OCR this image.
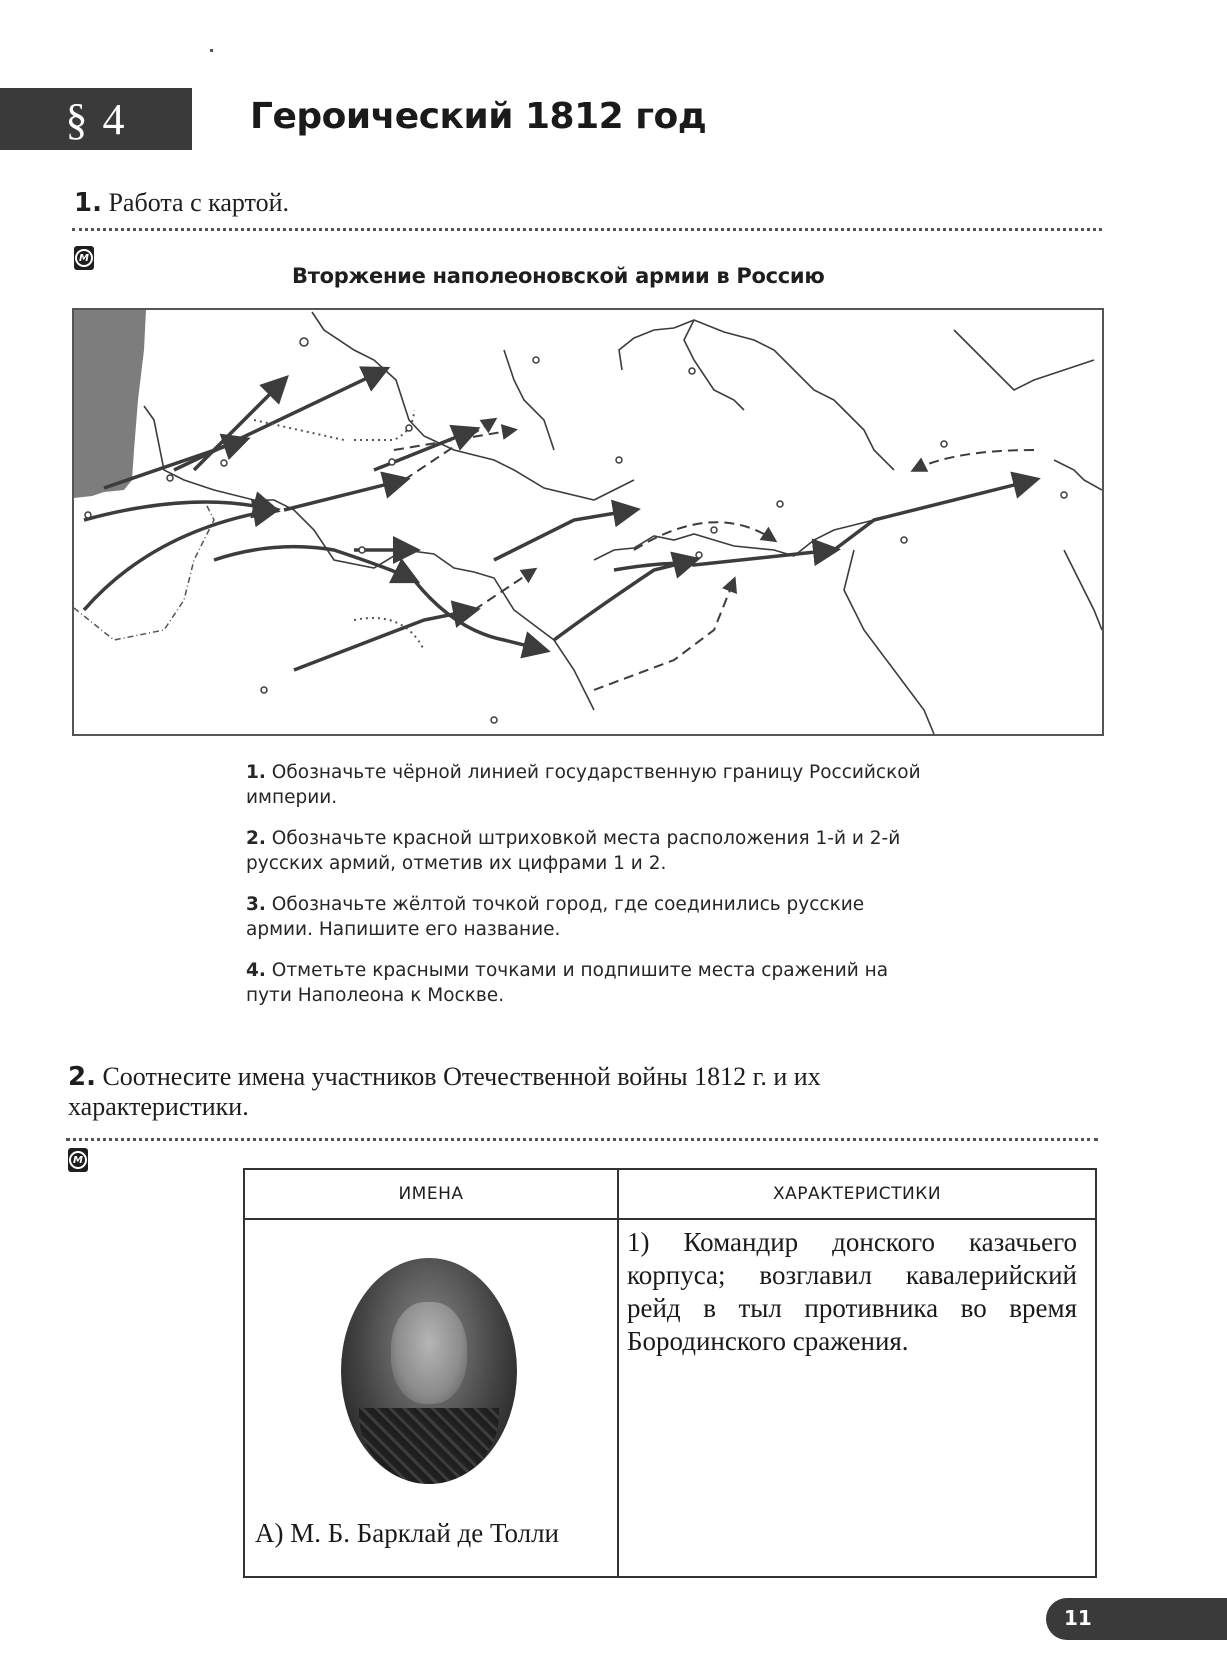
§ 4	Героический 1812 год
1. Работа с картой.
M
Вторжение наполеоновской армии в Россию

1. Обозначьте чёрной линией государственную границу Российской империи.

2. Обозначьте красной штриховкой места расположения 1-й и 2-й русских армий, отметив их цифрами 1 и 2.

3. Обозначьте жёлтой точкой город, где соединились русские армии. Напишите его название.

4. Отметьте красными точками и подпишите места сражений на пути Наполеона к Москве.

2. Соотнесите имена участников Отечественной войны 1812 г. и их характеристики.
M
ИМЕНА	ХАРАКТЕРИСТИКИ
А) М. Б. Барклай де Толли
1) Командир донского казачьего корпуса; возглавил кавалерийский рейд в тыл противника во время Бородинского сражения.
11
